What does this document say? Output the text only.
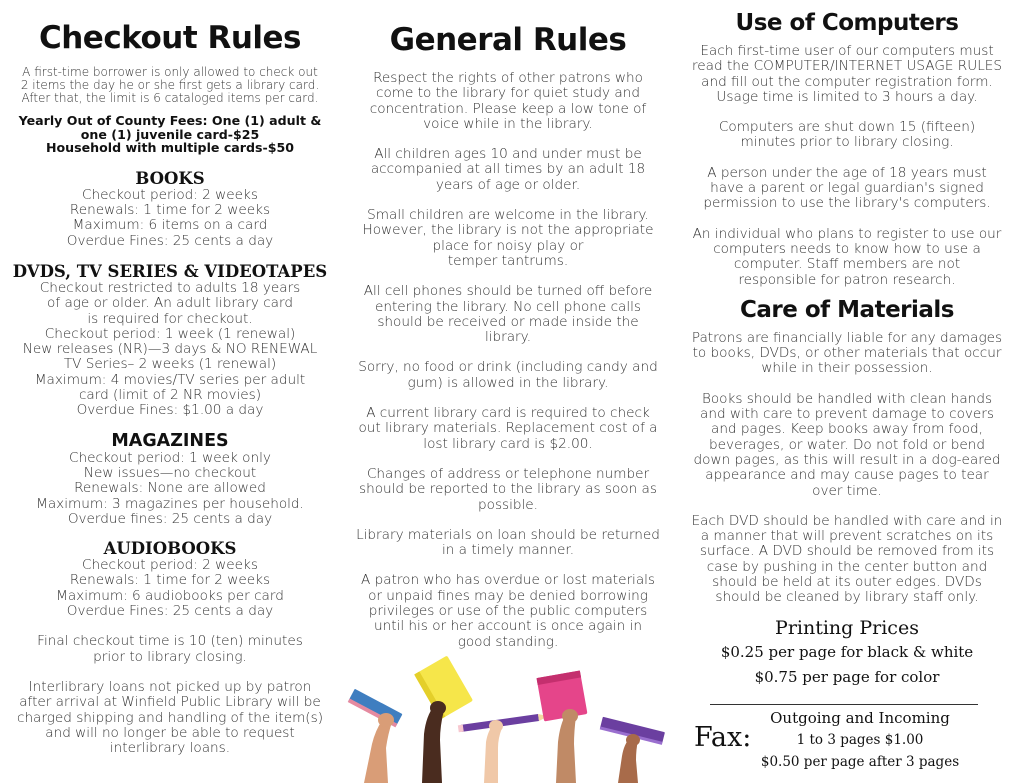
Checkout Rules
A first-time borrower is only allowed to check out
2 items the day he or she first gets a library card.
After that, the limit is 6 cataloged items per card.
Yearly Out of County Fees: One (1) adult &
one (1) juvenile card-$25
Household with multiple cards-$50
BOOKS
Checkout period: 2 weeks
Renewals: 1 time for 2 weeks
Maximum: 6 items on a card
Overdue Fines: 25 cents a day
DVDS, TV SERIES & VIDEOTAPES
Checkout restricted to adults 18 years
of age or older. An adult library card
is required for checkout.
Checkout period: 1 week (1 renewal)
New releases (NR)—3 days & NO RENEWAL
TV Series– 2 weeks (1 renewal)
Maximum: 4 movies/TV series per adult
card (limit of 2 NR movies)
Overdue Fines: $1.00 a day
MAGAZINES
Checkout period: 1 week only
New issues—no checkout
Renewals: None are allowed
Maximum: 3 magazines per household.
Overdue fines: 25 cents a day
AUDIOBOOKS
Checkout period: 2 weeks
Renewals: 1 time for 2 weeks
Maximum: 6 audiobooks per card
Overdue Fines: 25 cents a day
Final checkout time is 10 (ten) minutes
prior to library closing.
Interlibrary loans not picked up by patron
after arrival at Winfield Public Library will be
charged shipping and handling of the item(s)
and will no longer be able to request
interlibrary loans.
General Rules
Respect the rights of other patrons who
come to the library for quiet study and
concentration. Please keep a low tone of
voice while in the library.
All children ages 10 and under must be
accompanied at all times by an adult 18
years of age or older.
Small children are welcome in the library.
However, the library is not the appropriate
place for noisy play or
temper tantrums.
All cell phones should be turned off before
entering the library. No cell phone calls
should be received or made inside the
library.
Sorry, no food or drink (including candy and
gum) is allowed in the library.
A current library card is required to check
out library materials. Replacement cost of a
lost library card is $2.00.
Changes of address or telephone number
should be reported to the library as soon as
possible.
Library materials on loan should be returned
in a timely manner.
A patron who has overdue or lost materials
or unpaid fines may be denied borrowing
privileges or use of the public computers
until his or her account is once again in
good standing.
Use of Computers
Each first-time user of our computers must
read the COMPUTER/INTERNET USAGE RULES
and fill out the computer registration form.
Usage time is limited to 3 hours a day.
Computers are shut down 15 (fifteen)
minutes prior to library closing.
A person under the age of 18 years must
have a parent or legal guardian's signed
permission to use the library's computers.
An individual who plans to register to use our
computers needs to know how to use a
computer. Staff members are not
responsible for patron research.
Care of Materials
Patrons are financially liable for any damages
to books, DVDs, or other materials that occur
while in their possession.
Books should be handled with clean hands
and with care to prevent damage to covers
and pages. Keep books away from food,
beverages, or water. Do not fold or bend
down pages, as this will result in a dog-eared
appearance and may cause pages to tear
over time.
Each DVD should be handled with care and in
a manner that will prevent scratches on its
surface. A DVD should be removed from its
case by pushing in the center button and
should be held at its outer edges. DVDs
should be cleaned by library staff only.
Printing Prices
$0.25 per page for black & white
$0.75 per page for color
Fax:
Outgoing and Incoming
1 to 3 pages $1.00
$0.50 per page after 3 pages
